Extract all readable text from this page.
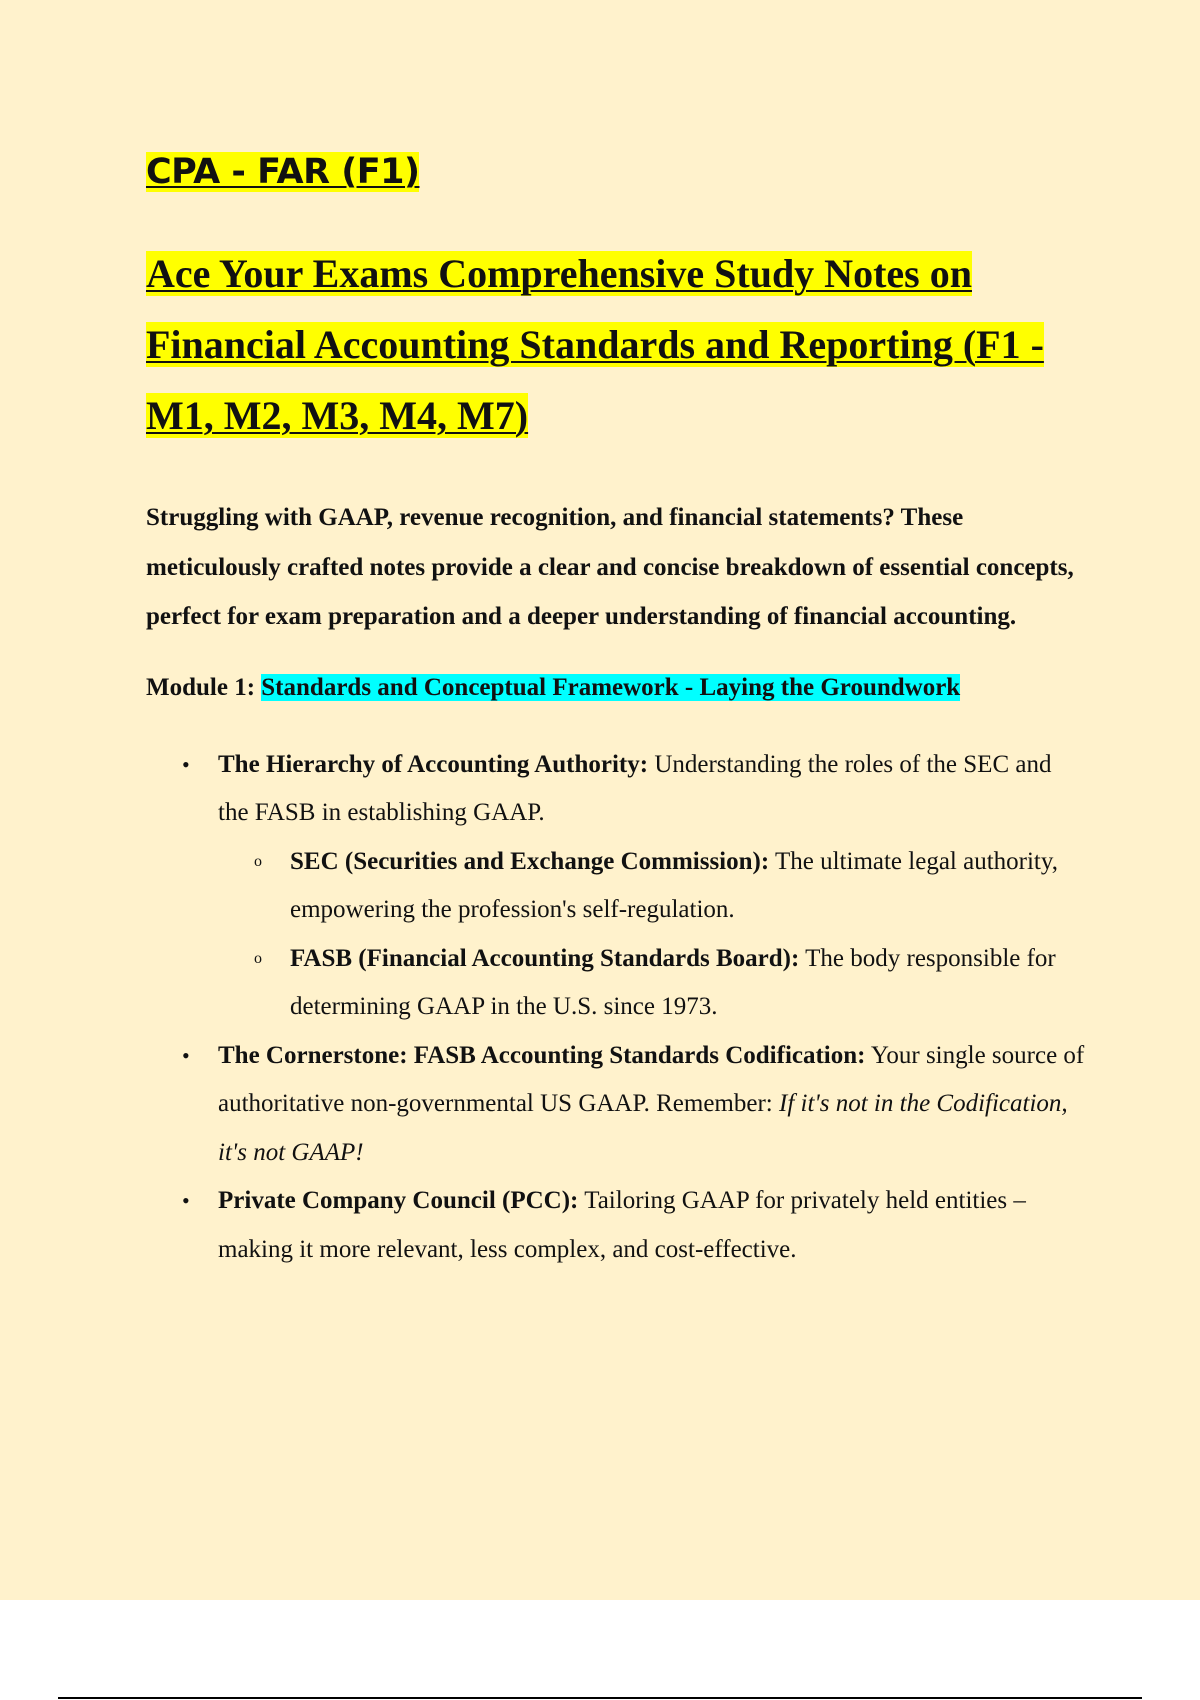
CPA - FAR (F1)

Ace Your Exams Comprehensive Study Notes on Financial Accounting Standards and Reporting (F1 - M1, M2, M3, M4, M7)

Struggling with GAAP, revenue recognition, and financial statements? These meticulously crafted notes provide a clear and concise breakdown of essential concepts, perfect for exam preparation and a deeper understanding of financial accounting.

Module 1: Standards and Conceptual Framework - Laying the Groundwork

• The Hierarchy of Accounting Authority: Understanding the roles of the SEC and the FASB in establishing GAAP.
o SEC (Securities and Exchange Commission): The ultimate legal authority, empowering the profession's self-regulation.
o FASB (Financial Accounting Standards Board): The body responsible for determining GAAP in the U.S. since 1973.
• The Cornerstone: FASB Accounting Standards Codification: Your single source of authoritative non-governmental US GAAP. Remember: If it's not in the Codification, it's not GAAP!
• Private Company Council (PCC): Tailoring GAAP for privately held entities – making it more relevant, less complex, and cost-effective.
